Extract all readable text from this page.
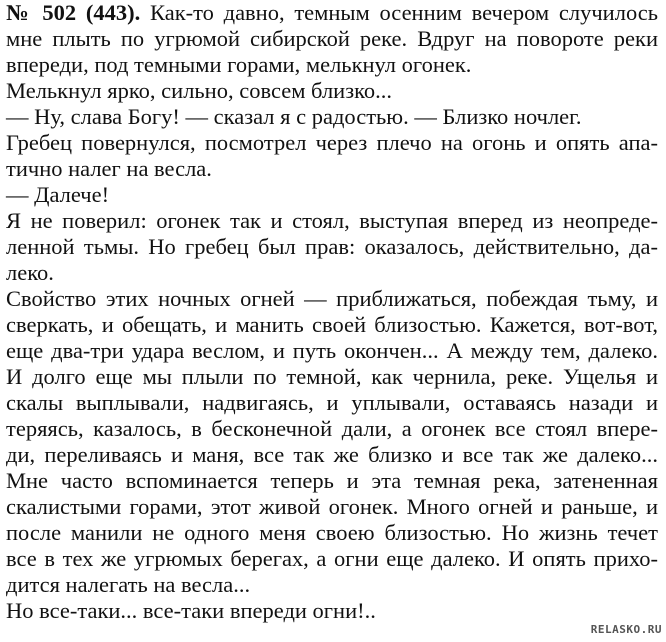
№ 502 (443). Как-то давно, темным осенним вечером случилось
мне плыть по угрюмой сибирской реке. Вдруг на повороте реки
впереди, под темными горами, мелькнул огонек.
Мелькнул ярко, сильно, совсем близко...
— Ну, слава Богу! — сказал я с радостью. — Близко ночлег.
Гребец повернулся, посмотрел через плечо на огонь и опять апа-
тично налег на весла.
— Далече!
Я не поверил: огонек так и стоял, выступая вперед из неопреде-
ленной тьмы. Но гребец был прав: оказалось, действительно, да-
леко.
Свойство этих ночных огней — приближаться, побеждая тьму, и
сверкать, и обещать, и манить своей близостью. Кажется, вот-вот,
еще два-три удара веслом, и путь окончен... А между тем, далеко.
И долго еще мы плыли по темной, как чернила, реке. Ущелья и
скалы выплывали, надвигаясь, и уплывали, оставаясь назади и
теряясь, казалось, в бесконечной дали, а огонек все стоял впере-
ди, переливаясь и маня, все так же близко и все так же далеко...
Мне часто вспоминается теперь и эта темная река, затененная
скалистыми горами, этот живой огонек. Много огней и раньше, и
после манили не одного меня своею близостью. Но жизнь течет
все в тех же угрюмых берегах, а огни еще далеко. И опять прихо-
дится налегать на весла...
Но все-таки... все-таки впереди огни!..
RELASKO.RU
